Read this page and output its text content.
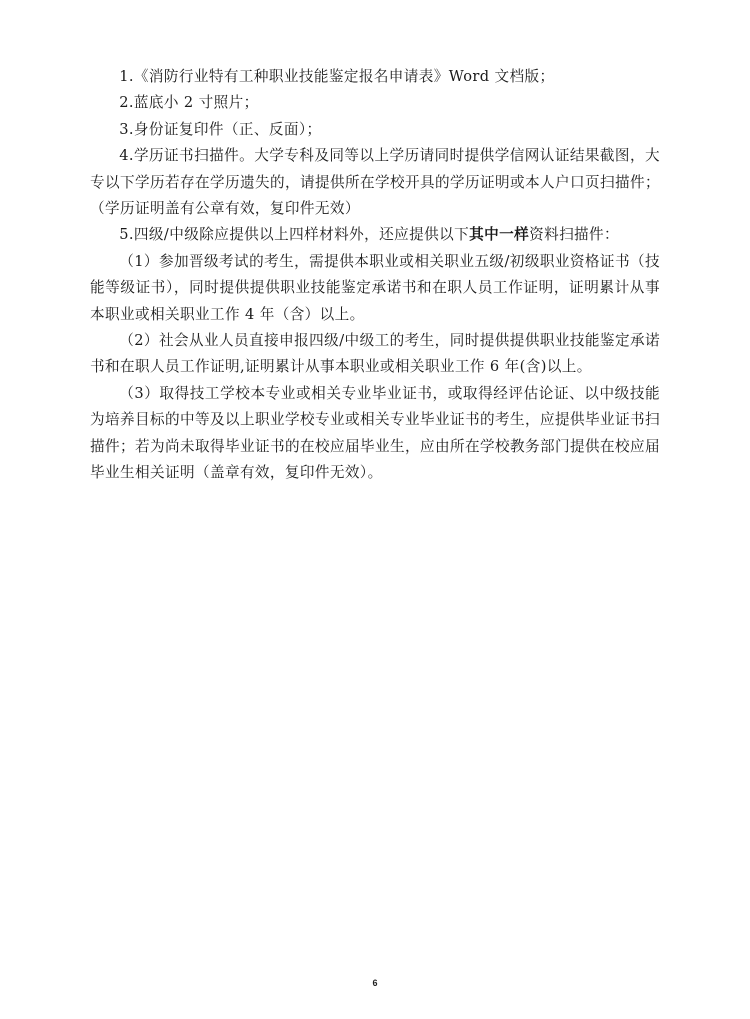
1.《消防行业特有工种职业技能鉴定报名申请表》Word 文档版；

2.蓝底小 2 寸照片；

3.身份证复印件（正、反面）；

4.学历证书扫描件。大学专科及同等以上学历请同时提供学信网认证结果截图，大专以下学历若存在学历遗失的，请提供所在学校开具的学历证明或本人户口页扫描件；（学历证明盖有公章有效，复印件无效）

5.四级/中级除应提供以上四样材料外，还应提供以下其中一样资料扫描件：

（1）参加晋级考试的考生，需提供本职业或相关职业五级/初级职业资格证书（技能等级证书），同时提供提供职业技能鉴定承诺书和在职人员工作证明，证明累计从事本职业或相关职业工作 4 年（含）以上。

（2）社会从业人员直接申报四级/中级工的考生，同时提供提供职业技能鉴定承诺书和在职人员工作证明,证明累计从事本职业或相关职业工作 6 年(含)以上。

（3）取得技工学校本专业或相关专业毕业证书，或取得经评估论证、以中级技能为培养目标的中等及以上职业学校专业或相关专业毕业证书的考生，应提供毕业证书扫描件；若为尚未取得毕业证书的在校应届毕业生，应由所在学校教务部门提供在校应届毕业生相关证明（盖章有效，复印件无效）。

6
